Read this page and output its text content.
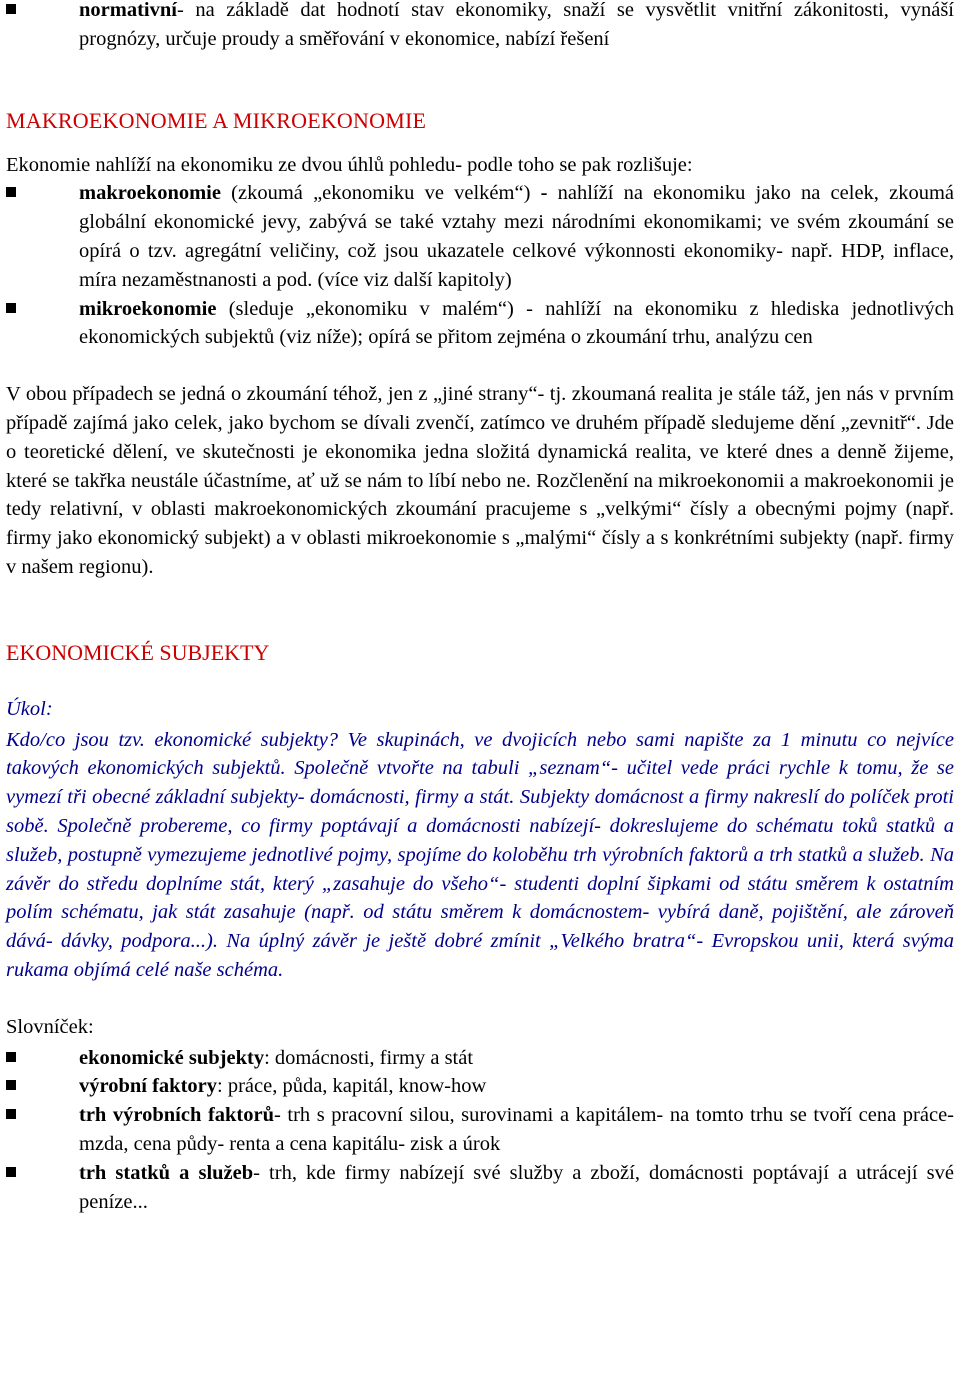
normativní- na základě dat hodnotí stav ekonomiky, snaží se vysvětlit vnitřní zákonitosti, vynáší prognózy, určuje proudy a směřování v ekonomice, nabízí řešení
MAKROEKONOMIE A MIKROEKONOMIE

Ekonomie nahlíží na ekonomiku ze dvou úhlů pohledu- podle toho se pak rozlišuje:

makroekonomie (zkoumá „ekonomiku ve velkém“) - nahlíží na ekonomiku jako na celek, zkoumá globální ekonomické jevy, zabývá se také vztahy mezi národními ekonomikami; ve svém zkoumání se opírá o tzv. agregátní veličiny, což jsou ukazatele celkové výkonnosti ekonomiky- např. HDP, inflace, míra nezaměstnanosti a pod. (více viz další kapitoly)
mikroekonomie (sleduje „ekonomiku v malém“) - nahlíží na ekonomiku z hlediska jednotlivých ekonomických subjektů (viz níže); opírá se přitom zejména o zkoumání trhu, analýzu cen

V obou případech se jedná o zkoumání téhož, jen z „jiné strany“- tj. zkoumaná realita je stále táž, jen nás v prvním případě zajímá jako celek, jako bychom se dívali zvenčí, zatímco ve druhém případě sledujeme dění „zevnitř“. Jde o teoretické dělení, ve skutečnosti je ekonomika jedna složitá dynamická realita, ve které dnes a denně žijeme, které se takřka neustále účastníme, ať už se nám to líbí nebo ne. Rozčlenění na mikroekonomii a makroekonomii je tedy relativní, v oblasti makroekonomických zkoumání pracujeme s „velkými“ čísly a obecnými pojmy (např. firmy jako ekonomický subjekt) a v oblasti mikroekonomie s „malými“ čísly a s konkrétními subjekty (např. firmy v našem regionu).

EKONOMICKÉ SUBJEKTY

Úkol:

Kdo/co jsou tzv. ekonomické subjekty? Ve skupinách, ve dvojicích nebo sami napište za 1 minutu co nejvíce takových ekonomických subjektů. Společně vtvořte na tabuli „seznam“- učitel vede práci rychle k tomu, že se vymezí tři obecné základní subjekty- domácnosti, firmy a stát. Subjekty domácnost a firmy nakreslí do políček proti sobě. Společně probereme, co firmy poptávají a domácnosti nabízejí- dokreslujeme do schématu toků statků a služeb, postupně vymezujeme jednotlivé pojmy, spojíme do koloběhu trh výrobních faktorů a trh statků a služeb. Na závěr do středu doplníme stát, který „zasahuje do všeho“- studenti doplní šipkami od státu směrem k ostatním polím schématu, jak stát zasahuje (např. od státu směrem k domácnostem- vybírá daně, pojištění, ale zároveň dává- dávky, podpora...). Na úplný závěr je ještě dobré zmínit „Velkého bratra“- Evropskou unii, která svýma rukama objímá celé naše schéma.

Slovníček:

ekonomické subjekty: domácnosti, firmy a stát
výrobní faktory: práce, půda, kapitál, know-how
trh výrobních faktorů- trh s pracovní silou, surovinami a kapitálem- na tomto trhu se tvoří cena práce- mzda, cena půdy- renta a cena kapitálu- zisk a úrok
trh statků a služeb- trh, kde firmy nabízejí své služby a zboží, domácnosti poptávají a utrácejí své peníze...
